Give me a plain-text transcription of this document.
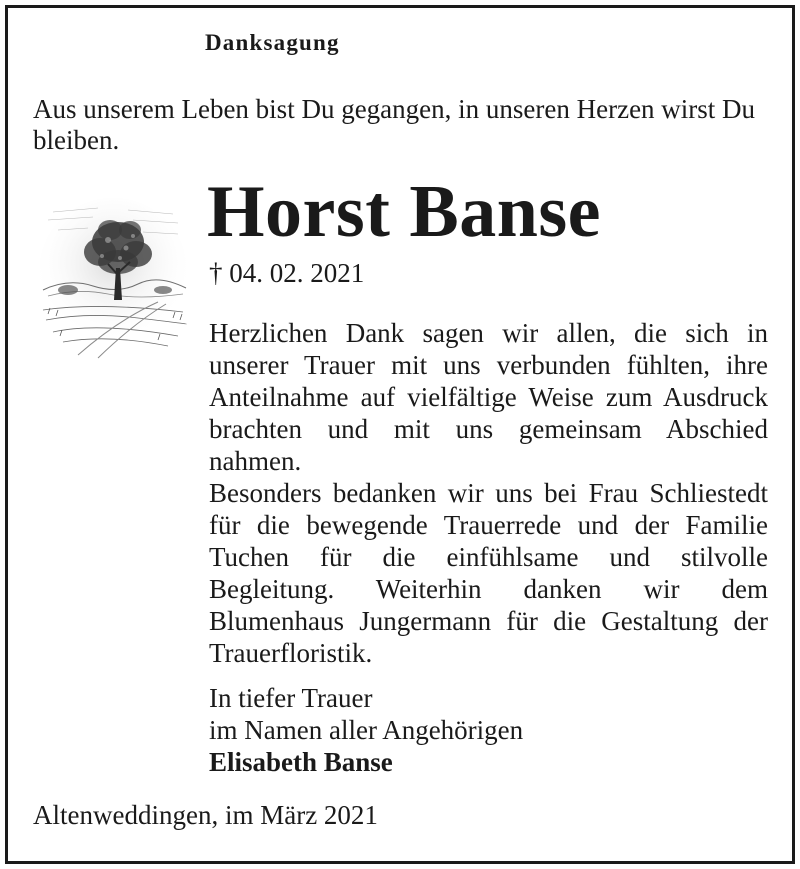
Danksagung
Aus unserem Leben bist Du gegangen, in unseren Herzen wirst Du bleiben.
Horst Banse
† 04. 02. 2021

Herzlichen Dank sagen wir allen, die sich in unserer Trauer mit uns verbunden fühlten, ihre Anteilnahme auf vielfältige Weise zum Ausdruck brachten und mit uns gemeinsam Abschied nahmen.

Besonders bedanken wir uns bei Frau Schliestedt für die bewegende Trauerrede und der Familie Tuchen für die einfühlsame und stilvolle Begleitung. Weiterhin danken wir dem Blumenhaus Jungermann für die Gestaltung der Trauerfloristik.

In tiefer Trauer
im Namen aller Angehörigen
Elisabeth Banse
Altenweddingen, im März 2021
